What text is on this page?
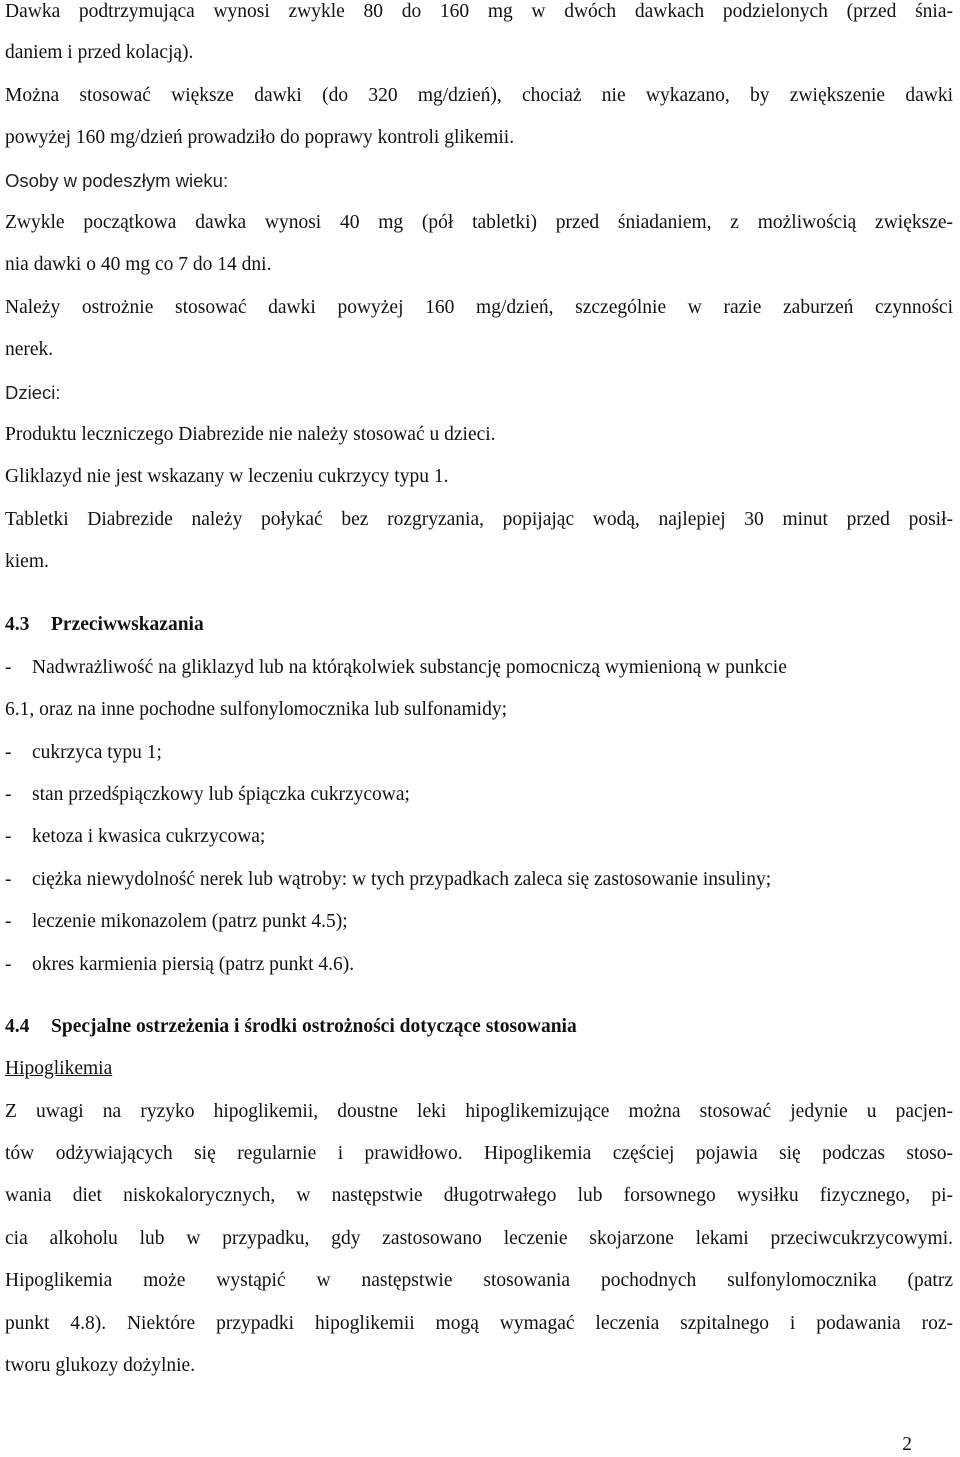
Dawka podtrzymująca wynosi zwykle 80 do 160 mg w dwóch dawkach podzielonych (przed śnia-
daniem i przed kolacją).
Można stosować większe dawki (do 320 mg/dzień), chociaż nie wykazano, by zwiększenie dawki
powyżej 160 mg/dzień prowadziło do poprawy kontroli glikemii.
Osoby w podeszłym wieku:
Zwykle początkowa dawka wynosi 40 mg (pół tabletki) przed śniadaniem, z możliwością zwiększe-
nia dawki o 40 mg co 7 do 14 dni.
Należy ostrożnie stosować dawki powyżej 160 mg/dzień, szczególnie w razie zaburzeń czynności
nerek.
Dzieci:
Produktu leczniczego Diabrezide nie należy stosować u dzieci.
Gliklazyd nie jest wskazany w leczeniu cukrzycy typu 1.
Tabletki Diabrezide należy połykać bez rozgryzania, popijając wodą, najlepiej 30 minut przed posił-
kiem.
4.3 Przeciwwskazania
- Nadwrażliwość na gliklazyd lub na którąkolwiek substancję pomocniczą wymienioną w punkcie
6.1, oraz na inne pochodne sulfonylomocznika lub sulfonamidy;
- cukrzyca typu 1;
- stan przedśpiączkowy lub śpiączka cukrzycowa;
- ketoza i kwasica cukrzycowa;
- ciężka niewydolność nerek lub wątroby: w tych przypadkach zaleca się zastosowanie insuliny;
- leczenie mikonazolem (patrz punkt 4.5);
- okres karmienia piersią (patrz punkt 4.6).
4.4 Specjalne ostrzeżenia i środki ostrożności dotyczące stosowania
Hipoglikemia
Z uwagi na ryzyko hipoglikemii, doustne leki hipoglikemizujące można stosować jedynie u pacjen-
tów odżywiających się regularnie i prawidłowo. Hipoglikemia częściej pojawia się podczas stoso-
wania diet niskokalorycznych, w następstwie długotrwałego lub forsownego wysiłku fizycznego, pi-
cia alkoholu lub w przypadku, gdy zastosowano leczenie skojarzone lekami przeciwcukrzycowymi.
Hipoglikemia może wystąpić w następstwie stosowania pochodnych sulfonylomocznika (patrz
punkt 4.8). Niektóre przypadki hipoglikemii mogą wymagać leczenia szpitalnego i podawania roz-
tworu glukozy dożylnie.
2
